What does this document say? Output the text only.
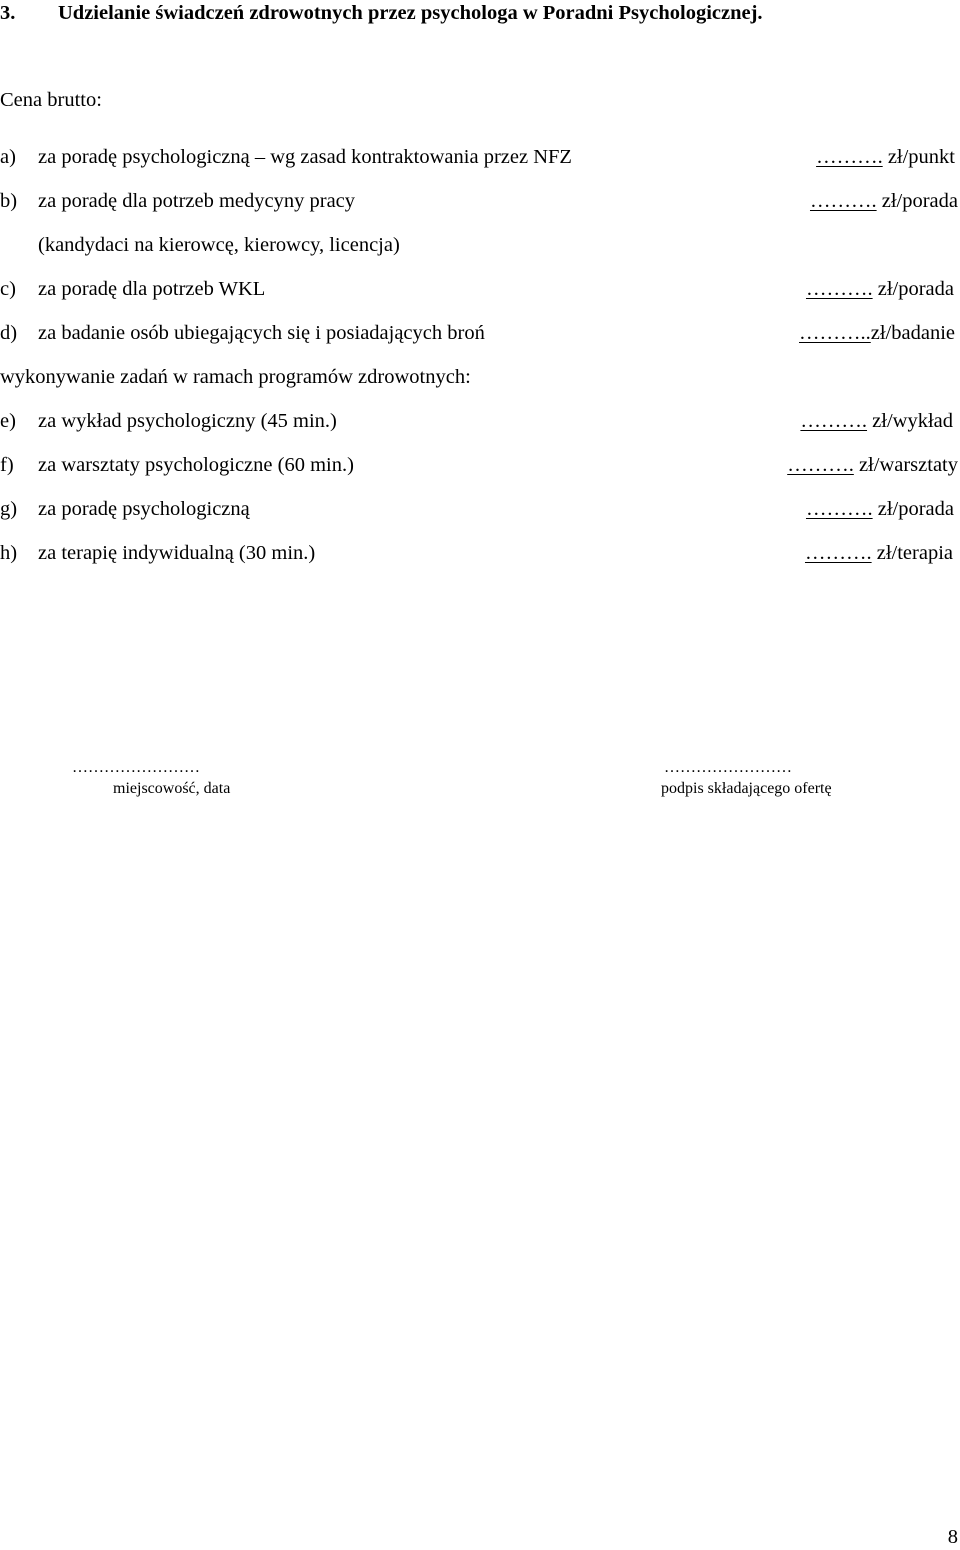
3. Udzielanie świadczeń zdrowotnych przez psychologa w Poradni Psychologicznej.
Cena brutto:
a) za poradę psychologiczną – wg zasad kontraktowania przez NFZ	………. zł/punkt
b) za poradę dla potrzeb medycyny pracy	………. zł/porada
(kandydaci na kierowcę, kierowcy, licencja)
c) za poradę dla potrzeb WKL	………. zł/porada
d) za badanie osób ubiegających się i posiadających broń	………..zł/badanie
wykonywanie zadań w ramach programów zdrowotnych:
e) za wykład psychologiczny (45 min.)	………. zł/wykład
f) za warsztaty psychologiczne (60 min.)	………. zł/warsztaty
g) za poradę psychologiczną	………. zł/porada
h) za terapię indywidualną (30 min.)	………. zł/terapia
……………………
miejscowość, data
……………………
podpis składającego ofertę
8
